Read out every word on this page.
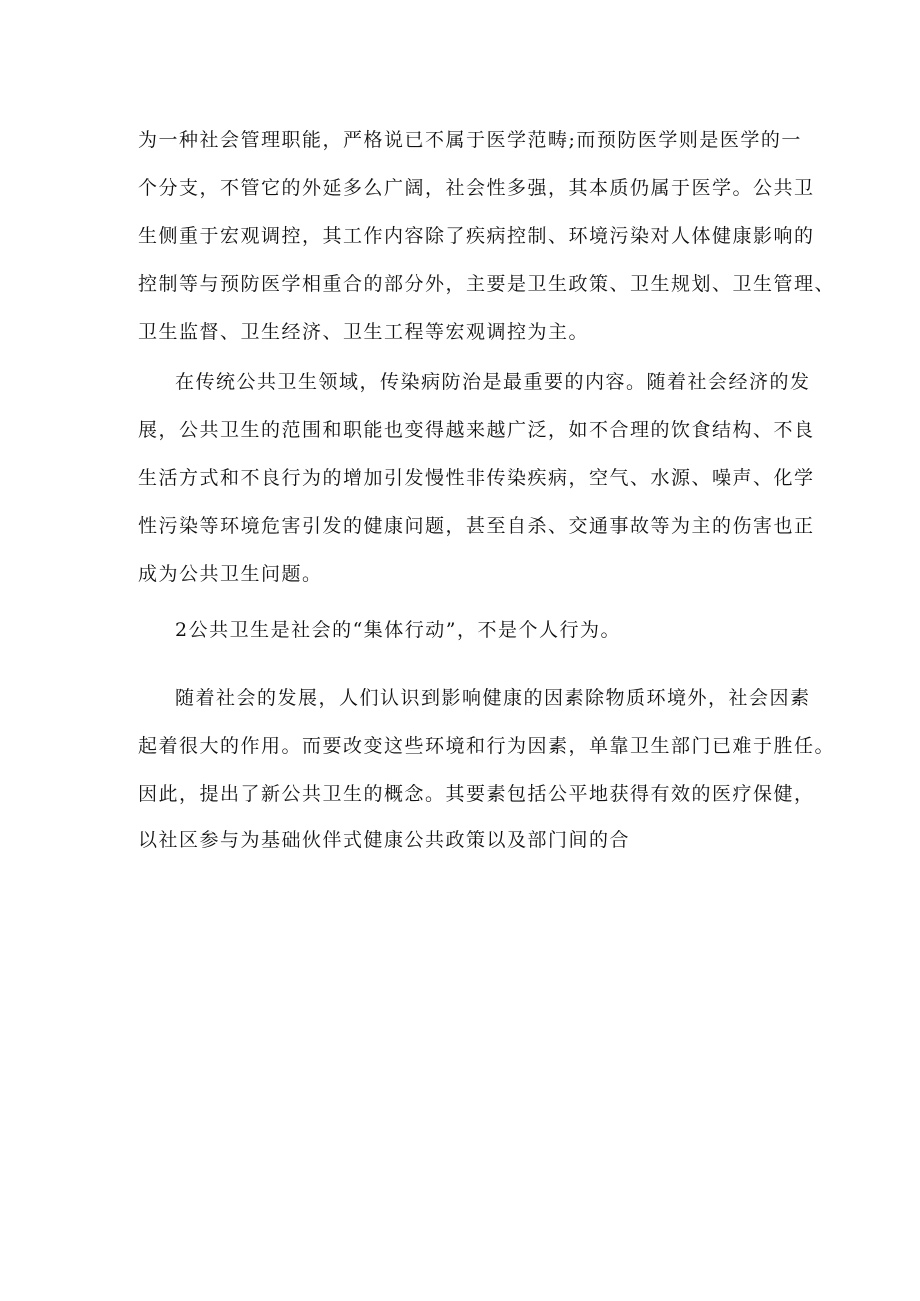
为一种社会管理职能，严格说已不属于医学范畴;而预防医学则是医学的一
个分支，不管它的外延多么广阔，社会性多强，其本质仍属于医学。公共卫
生侧重于宏观调控，其工作内容除了疾病控制、环境污染对人体健康影响的
控制等与预防医学相重合的部分外，主要是卫生政策、卫生规划、卫生管理、
卫生监督、卫生经济、卫生工程等宏观调控为主。
在传统公共卫生领域，传染病防治是最重要的内容。随着社会经济的发
展，公共卫生的范围和职能也变得越来越广泛，如不合理的饮食结构、不良
生活方式和不良行为的增加引发慢性非传染疾病，空气、水源、噪声、化学
性污染等环境危害引发的健康问题，甚至自杀、交通事故等为主的伤害也正
成为公共卫生问题。
2公共卫生是社会的“集体行动”，不是个人行为。
随着社会的发展，人们认识到影响健康的因素除物质环境外，社会因素
起着很大的作用。而要改变这些环境和行为因素，单靠卫生部门已难于胜任。
因此，提出了新公共卫生的概念。其要素包括公平地获得有效的医疗保健，
以社区参与为基础伙伴式健康公共政策以及部门间的合
